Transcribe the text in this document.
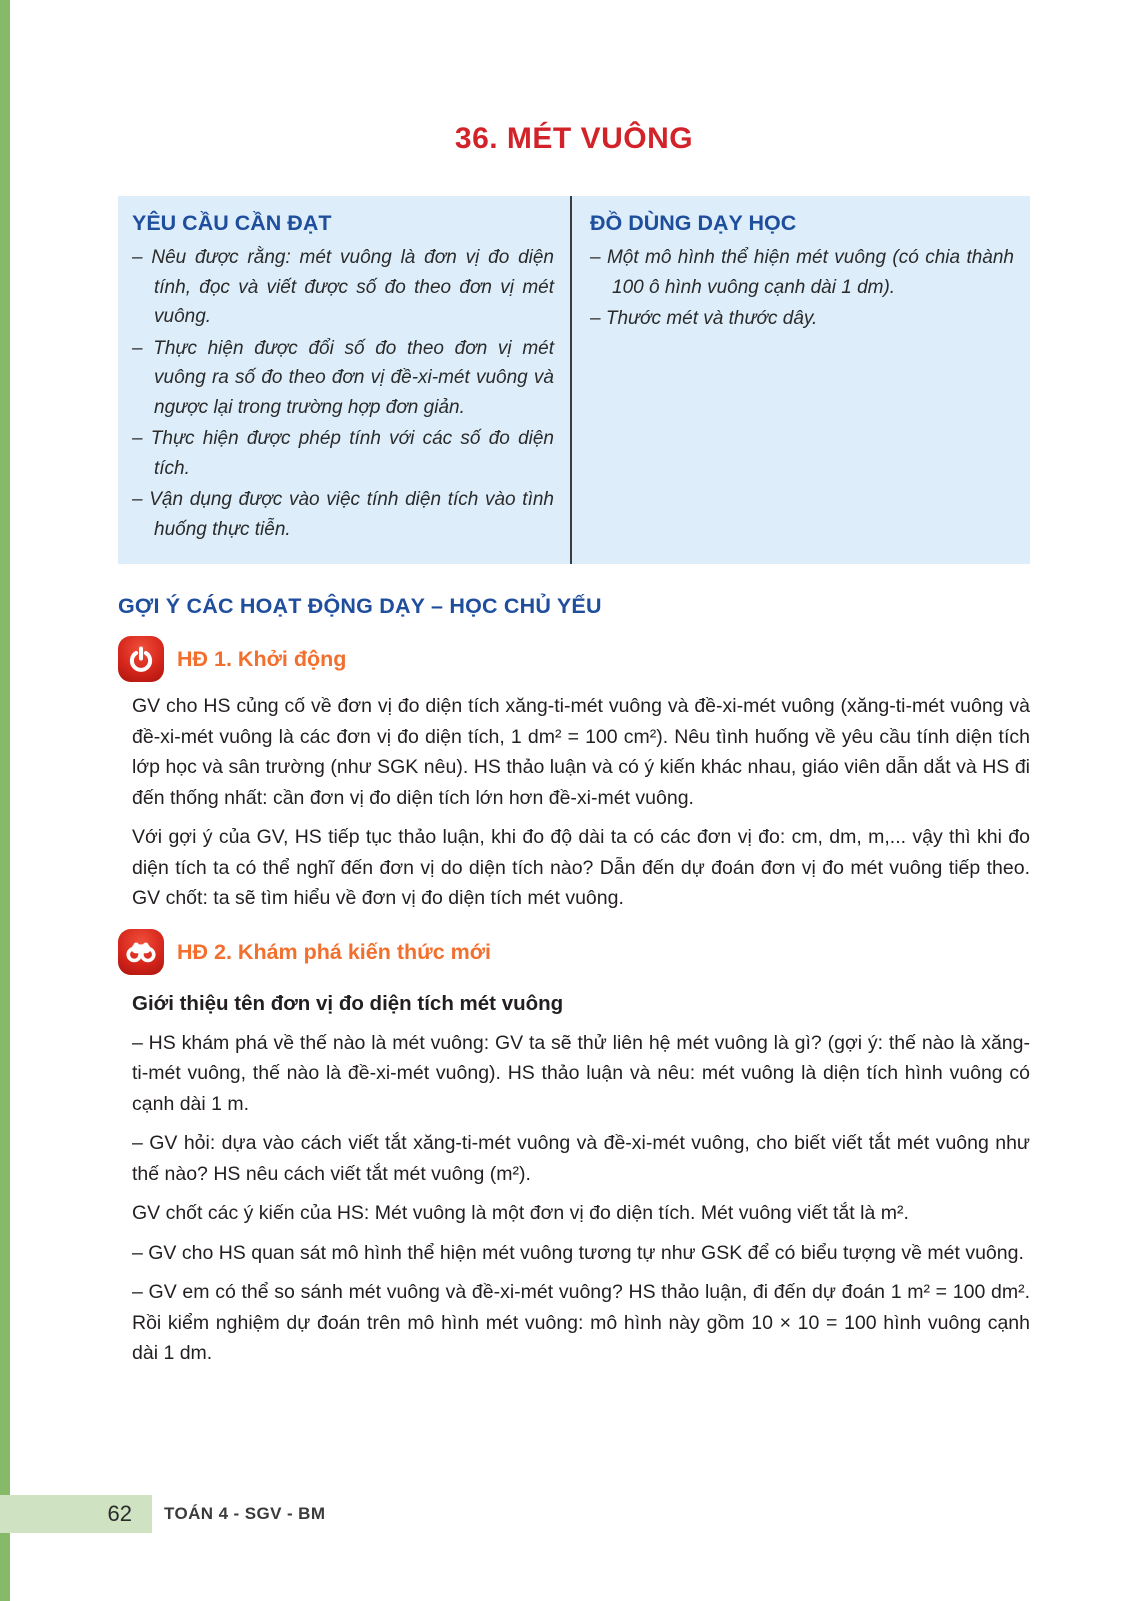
36. MÉT VUÔNG
YÊU CẦU CẦN ĐẠT

– Nêu được rằng: mét vuông là đơn vị đo diện tính, đọc và viết được số đo theo đơn vị mét vuông.

– Thực hiện được đổi số đo theo đơn vị mét vuông ra số đo theo đơn vị đề-xi-mét vuông và ngược lại trong trường hợp đơn giản.

– Thực hiện được phép tính với các số đo diện tích.

– Vận dụng được vào việc tính diện tích vào tình huống thực tiễn.

ĐỒ DÙNG DẠY HỌC

– Một mô hình thể hiện mét vuông (có chia thành 100 ô hình vuông cạnh dài 1 dm).

– Thước mét và thước dây.

GỢI Ý CÁC HOẠT ĐỘNG DẠY – HỌC CHỦ YẾU
HĐ 1. Khởi động

GV cho HS củng cố về đơn vị đo diện tích xăng-ti-mét vuông và đề-xi-mét vuông (xăng-ti-mét vuông và đề-xi-mét vuông là các đơn vị đo diện tích, 1 dm² = 100 cm²). Nêu tình huống về yêu cầu tính diện tích lớp học và sân trường (như SGK nêu). HS thảo luận và có ý kiến khác nhau, giáo viên dẫn dắt và HS đi đến thống nhất: cần đơn vị đo diện tích lớn hơn đề-xi-mét vuông.

Với gợi ý của GV, HS tiếp tục thảo luận, khi đo độ dài ta có các đơn vị đo: cm, dm, m,... vậy thì khi đo diện tích ta có thể nghĩ đến đơn vị do diện tích nào? Dẫn đến dự đoán đơn vị đo mét vuông tiếp theo. GV chốt: ta sẽ tìm hiểu về đơn vị đo diện tích mét vuông.

HĐ 2. Khám phá kiến thức mới
Giới thiệu tên đơn vị đo diện tích mét vuông

– HS khám phá về thế nào là mét vuông: GV ta sẽ thử liên hệ mét vuông là gì? (gợi ý: thế nào là xăng-ti-mét vuông, thế nào là đề-xi-mét vuông). HS thảo luận và nêu: mét vuông là diện tích hình vuông có cạnh dài 1 m.

– GV hỏi: dựa vào cách viết tắt xăng-ti-mét vuông và đề-xi-mét vuông, cho biết viết tắt mét vuông như thế nào? HS nêu cách viết tắt mét vuông (m²).

GV chốt các ý kiến của HS: Mét vuông là một đơn vị đo diện tích. Mét vuông viết tắt là m².

– GV cho HS quan sát mô hình thể hiện mét vuông tương tự như GSK để có biểu tượng về mét vuông.

– GV em có thể so sánh mét vuông và đề-xi-mét vuông? HS thảo luận, đi đến dự đoán 1 m² = 100 dm². Rồi kiểm nghiệm dự đoán trên mô hình mét vuông: mô hình này gồm 10 × 10 = 100 hình vuông cạnh dài 1 dm.

62 TOÁN 4 - SGV - BM
